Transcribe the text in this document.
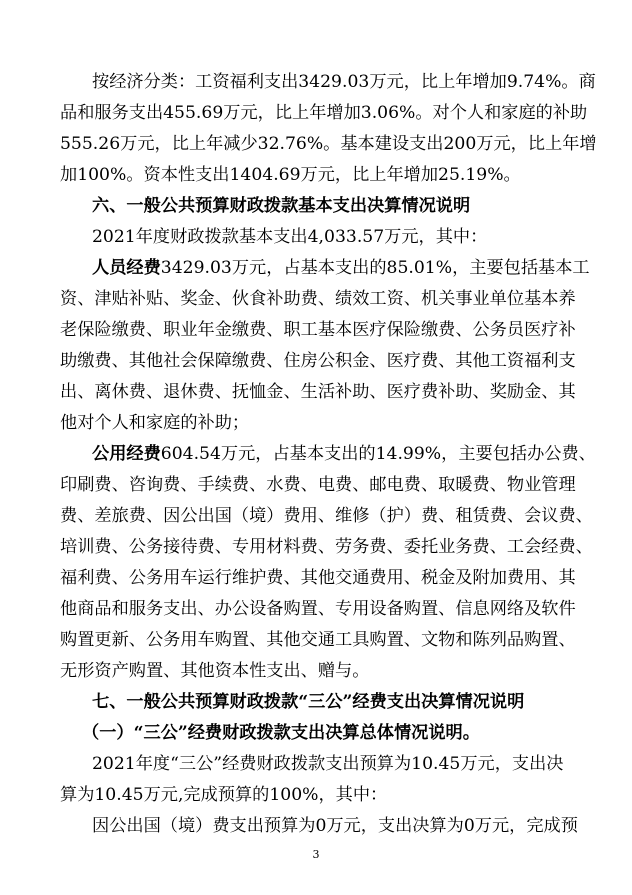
按经济分类：工资福利支出3429.03万元，比上年增加9.74%。商
品和服务支出455.69万元，比上年增加3.06%。对个人和家庭的补助
555.26万元，比上年减少32.76%。基本建设支出200万元，比上年增
加100%。资本性支出1404.69万元，比上年增加25.19%。
六、一般公共预算财政拨款基本支出决算情况说明
2021年度财政拨款基本支出4,033.57万元，其中：
人员经费3429.03万元，占基本支出的85.01%，主要包括基本工
资、津贴补贴、奖金、伙食补助费、绩效工资、机关事业单位基本养
老保险缴费、职业年金缴费、职工基本医疗保险缴费、公务员医疗补
助缴费、其他社会保障缴费、住房公积金、医疗费、其他工资福利支
出、离休费、退休费、抚恤金、生活补助、医疗费补助、奖励金、其
他对个人和家庭的补助；
公用经费604.54万元，占基本支出的14.99%，主要包括办公费、
印刷费、咨询费、手续费、水费、电费、邮电费、取暖费、物业管理
费、差旅费、因公出国（境）费用、维修（护）费、租赁费、会议费、
培训费、公务接待费、专用材料费、劳务费、委托业务费、工会经费、
福利费、公务用车运行维护费、其他交通费用、税金及附加费用、其
他商品和服务支出、办公设备购置、专用设备购置、信息网络及软件
购置更新、公务用车购置、其他交通工具购置、文物和陈列品购置、
无形资产购置、其他资本性支出、赠与。
七、一般公共预算财政拨款“三公”经费支出决算情况说明
（一）“三公”经费财政拨款支出决算总体情况说明。
2021年度“三公”经费财政拨款支出预算为10.45万元，支出决
算为10.45万元,完成预算的100%，其中：
因公出国（境）费支出预算为0万元，支出决算为0万元，完成预
3
